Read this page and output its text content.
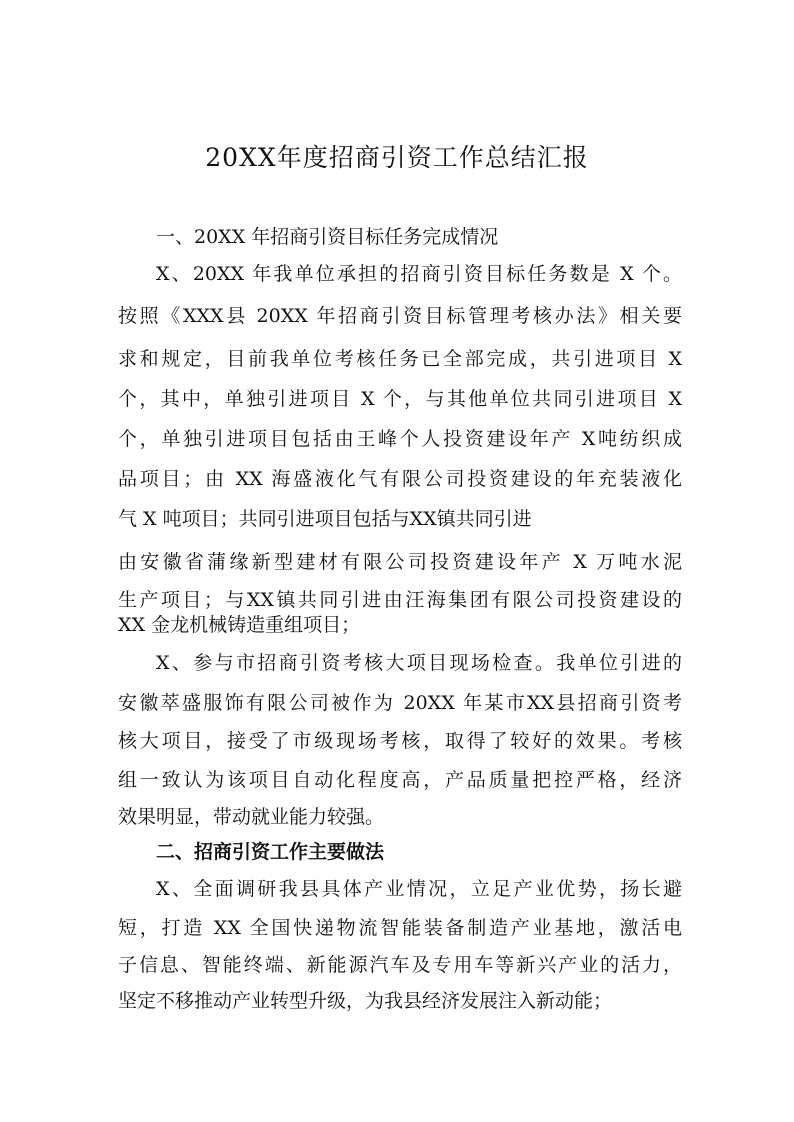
20XX年度招商引资工作总结汇报
一、20XX 年招商引资目标任务完成情况
X、20XX 年我单位承担的招商引资目标任务数是 X 个。
按照《XXX县 20XX 年招商引资目标管理考核办法》相关要
求和规定，目前我单位考核任务已全部完成，共引进项目 X
个，其中，单独引进项目 X 个，与其他单位共同引进项目 X
个，单独引进项目包括由王峰个人投资建设年产 X吨纺织成
品项目；由 XX 海盛液化气有限公司投资建设的年充装液化
气 X 吨项目；共同引进项目包括与XX镇共同引进
由安徽省蒲缘新型建材有限公司投资建设年产 X 万吨水泥
生产项目；与XX镇共同引进由汪海集团有限公司投资建设的
XX 金龙机械铸造重组项目；
X、参与市招商引资考核大项目现场检查。我单位引进的
安徽萃盛服饰有限公司被作为 20XX 年某市XX县招商引资考
核大项目，接受了市级现场考核，取得了较好的效果。考核
组一致认为该项目自动化程度高，产品质量把控严格，经济
效果明显，带动就业能力较强。
二、招商引资工作主要做法
X、全面调研我县具体产业情况，立足产业优势，扬长避
短，打造 XX 全国快递物流智能装备制造产业基地，激活电
子信息、智能终端、新能源汽车及专用车等新兴产业的活力，
坚定不移推动产业转型升级，为我县经济发展注入新动能；
